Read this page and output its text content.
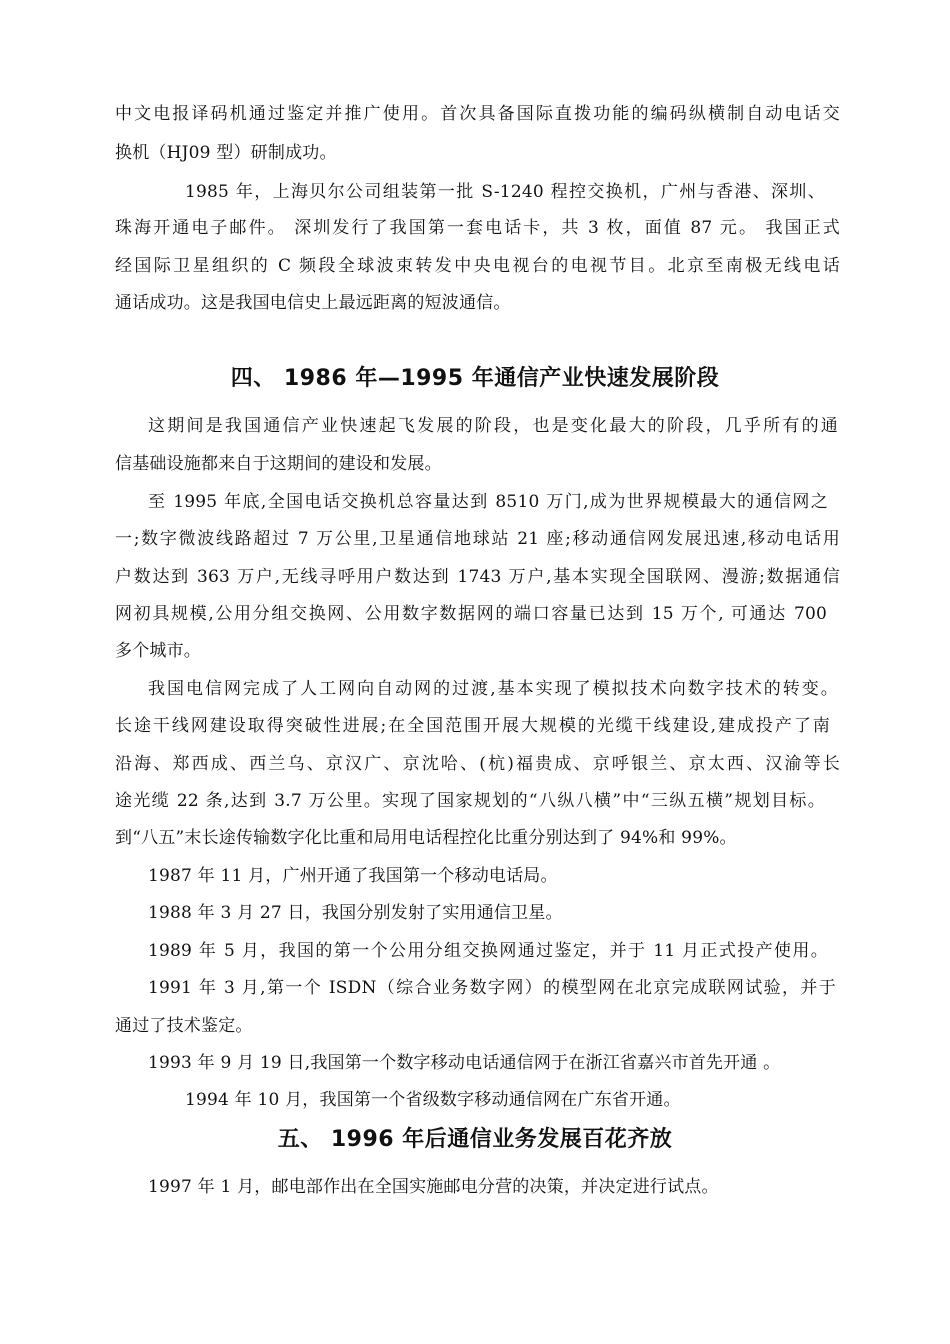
中文电报译码机通过鉴定并推广使用。首次具备国际直拨功能的编码纵横制自动电话交
换机（HJ09 型）研制成功。
1985 年，上海贝尔公司组装第一批 S-1240 程控交换机，广州与香港、深圳、
珠海开通电子邮件。 深圳发行了我国第一套电话卡，共 3 枚，面值 87 元。 我国正式
经国际卫星组织的 C 频段全球波束转发中央电视台的电视节目。北京至南极无线电话
通话成功。这是我国电信史上最远距离的短波通信。
四、 1986 年—1995 年通信产业快速发展阶段
这期间是我国通信产业快速起飞发展的阶段，也是变化最大的阶段，几乎所有的通
信基础设施都来自于这期间的建设和发展。
至 1995 年底,全国电话交换机总容量达到 8510 万门,成为世界规模最大的通信网之
一;数字微波线路超过 7 万公里,卫星通信地球站 21 座;移动通信网发展迅速,移动电话用
户数达到 363 万户,无线寻呼用户数达到 1743 万户,基本实现全国联网、漫游;数据通信
网初具规模,公用分组交换网、公用数字数据网的端口容量已达到 15 万个, 可通达 700
多个城市。
我国电信网完成了人工网向自动网的过渡,基本实现了模拟技术向数字技术的转变。
长途干线网建设取得突破性进展;在全国范围开展大规模的光缆干线建设,建成投产了南
沿海、郑西成、西兰乌、京汉广、京沈哈、(杭)福贵成、京呼银兰、京太西、汉渝等长
途光缆 22 条,达到 3.7 万公里。实现了国家规划的“八纵八横”中“三纵五横”规划目标。
到“八五”末长途传输数字化比重和局用电话程控化比重分别达到了 94%和 99%。
1987 年 11 月，广州开通了我国第一个移动电话局。
1988 年 3 月 27 日，我国分别发射了实用通信卫星。
1989 年 5 月，我国的第一个公用分组交换网通过鉴定，并于 11 月正式投产使用。
1991 年 3 月,第一个 ISDN（综合业务数字网）的模型网在北京完成联网试验，并于
通过了技术鉴定。
1993 年 9 月 19 日,我国第一个数字移动电话通信网于在浙江省嘉兴市首先开通 。
1994 年 10 月，我国第一个省级数字移动通信网在广东省开通。
五、 1996 年后通信业务发展百花齐放
1997 年 1 月，邮电部作出在全国实施邮电分营的决策，并决定进行试点。
